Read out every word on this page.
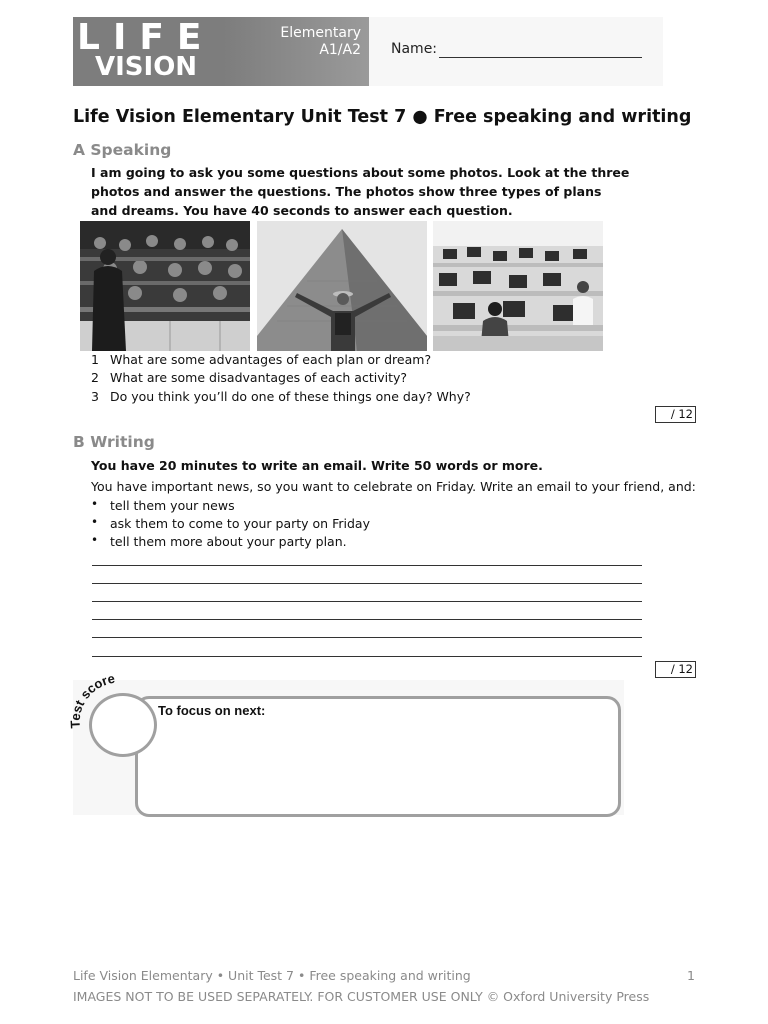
LIFE
VISION
Elementary
A1/A2 Name:
Life Vision Elementary Unit Test 7 ● Free speaking and writing
A Speaking
I am going to ask you some questions about some photos. Look at the three photos and answer the questions. The photos show three types of plans and dreams. You have 40 seconds to answer each question.
1 What are some advantages of each plan or dream?
2 What are some disadvantages of each activity?
3 Do you think you’ll do one of these things one day? Why?
/ 12
B Writing
You have 20 minutes to write an email. Write 50 words or more.
You have important news, so you want to celebrate on Friday. Write an email to your friend, and:
• tell them your news
• ask them to come to your party on Friday
• tell them more about your party plan.
/ 12
Test score
To focus on next:
Life Vision Elementary • Unit Test 7 • Free speaking and writing	1
IMAGES NOT TO BE USED SEPARATELY. FOR CUSTOMER USE ONLY © Oxford University Press
